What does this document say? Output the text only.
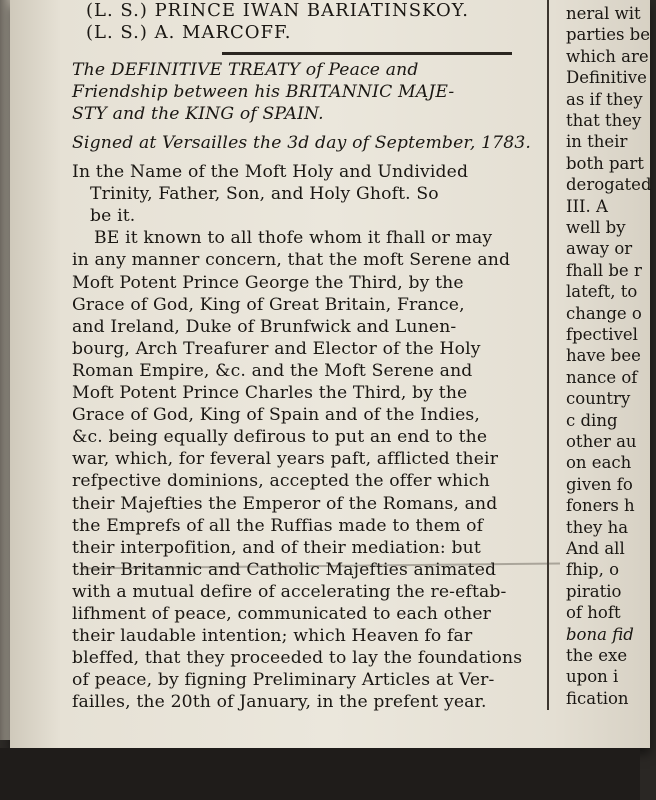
(L. S.) PRINCE IWAN BARIATINSKOY.
(L. S.) A. MARCOFF.
The DEFINITIVE TREATY of Peace and
Friendship between his BRITANNIC MAJE-
STY and the KING of SPAIN.
Signed at Versailles the 3d day of September, 1783.
In the Name of the Moft Holy and Undivided
Trinity, Father, Son, and Holy Ghoft. So
be it.
BE it known to all thofe whom it fhall or may
in any manner concern, that the moft Serene and
Moft Potent Prince George the Third, by the
Grace of God, King of Great Britain, France,
and Ireland, Duke of Brunfwick and Lunen-
bourg, Arch Treafurer and Elector of the Holy
Roman Empire, &c. and the Moft Serene and
Moft Potent Prince Charles the Third, by the
Grace of God, King of Spain and of the Indies,
&c. being equally defirous to put an end to the
war, which, for feveral years paft, afflicted their
refpective dominions, accepted the offer which
their Majefties the Emperor of the Romans, and
the Emprefs of all the Ruffias made to them of
their interpofition, and of their mediation: but
their Britannic and Catholic Majefties animated
with a mutual defire of accelerating the re-eftab-
lifhment of peace, communicated to each other
their laudable intention; which Heaven fo far
bleffed, that they proceeded to lay the foundations
of peace, by figning Preliminary Articles at Ver-
failles, the 20th of January, in the prefent year.
neral wit
parties be
which are
Definitive
as if they
that they
in their
both part
derogated
III. A
well by
away or
fhall be r
lateft, to
change o
fpectivel
have bee
nance of
country
c ding
other au
on each
given fo
foners h
they ha
And all
fhip, o
piratio
of hoft
bona fid
the exe
upon i
fication
